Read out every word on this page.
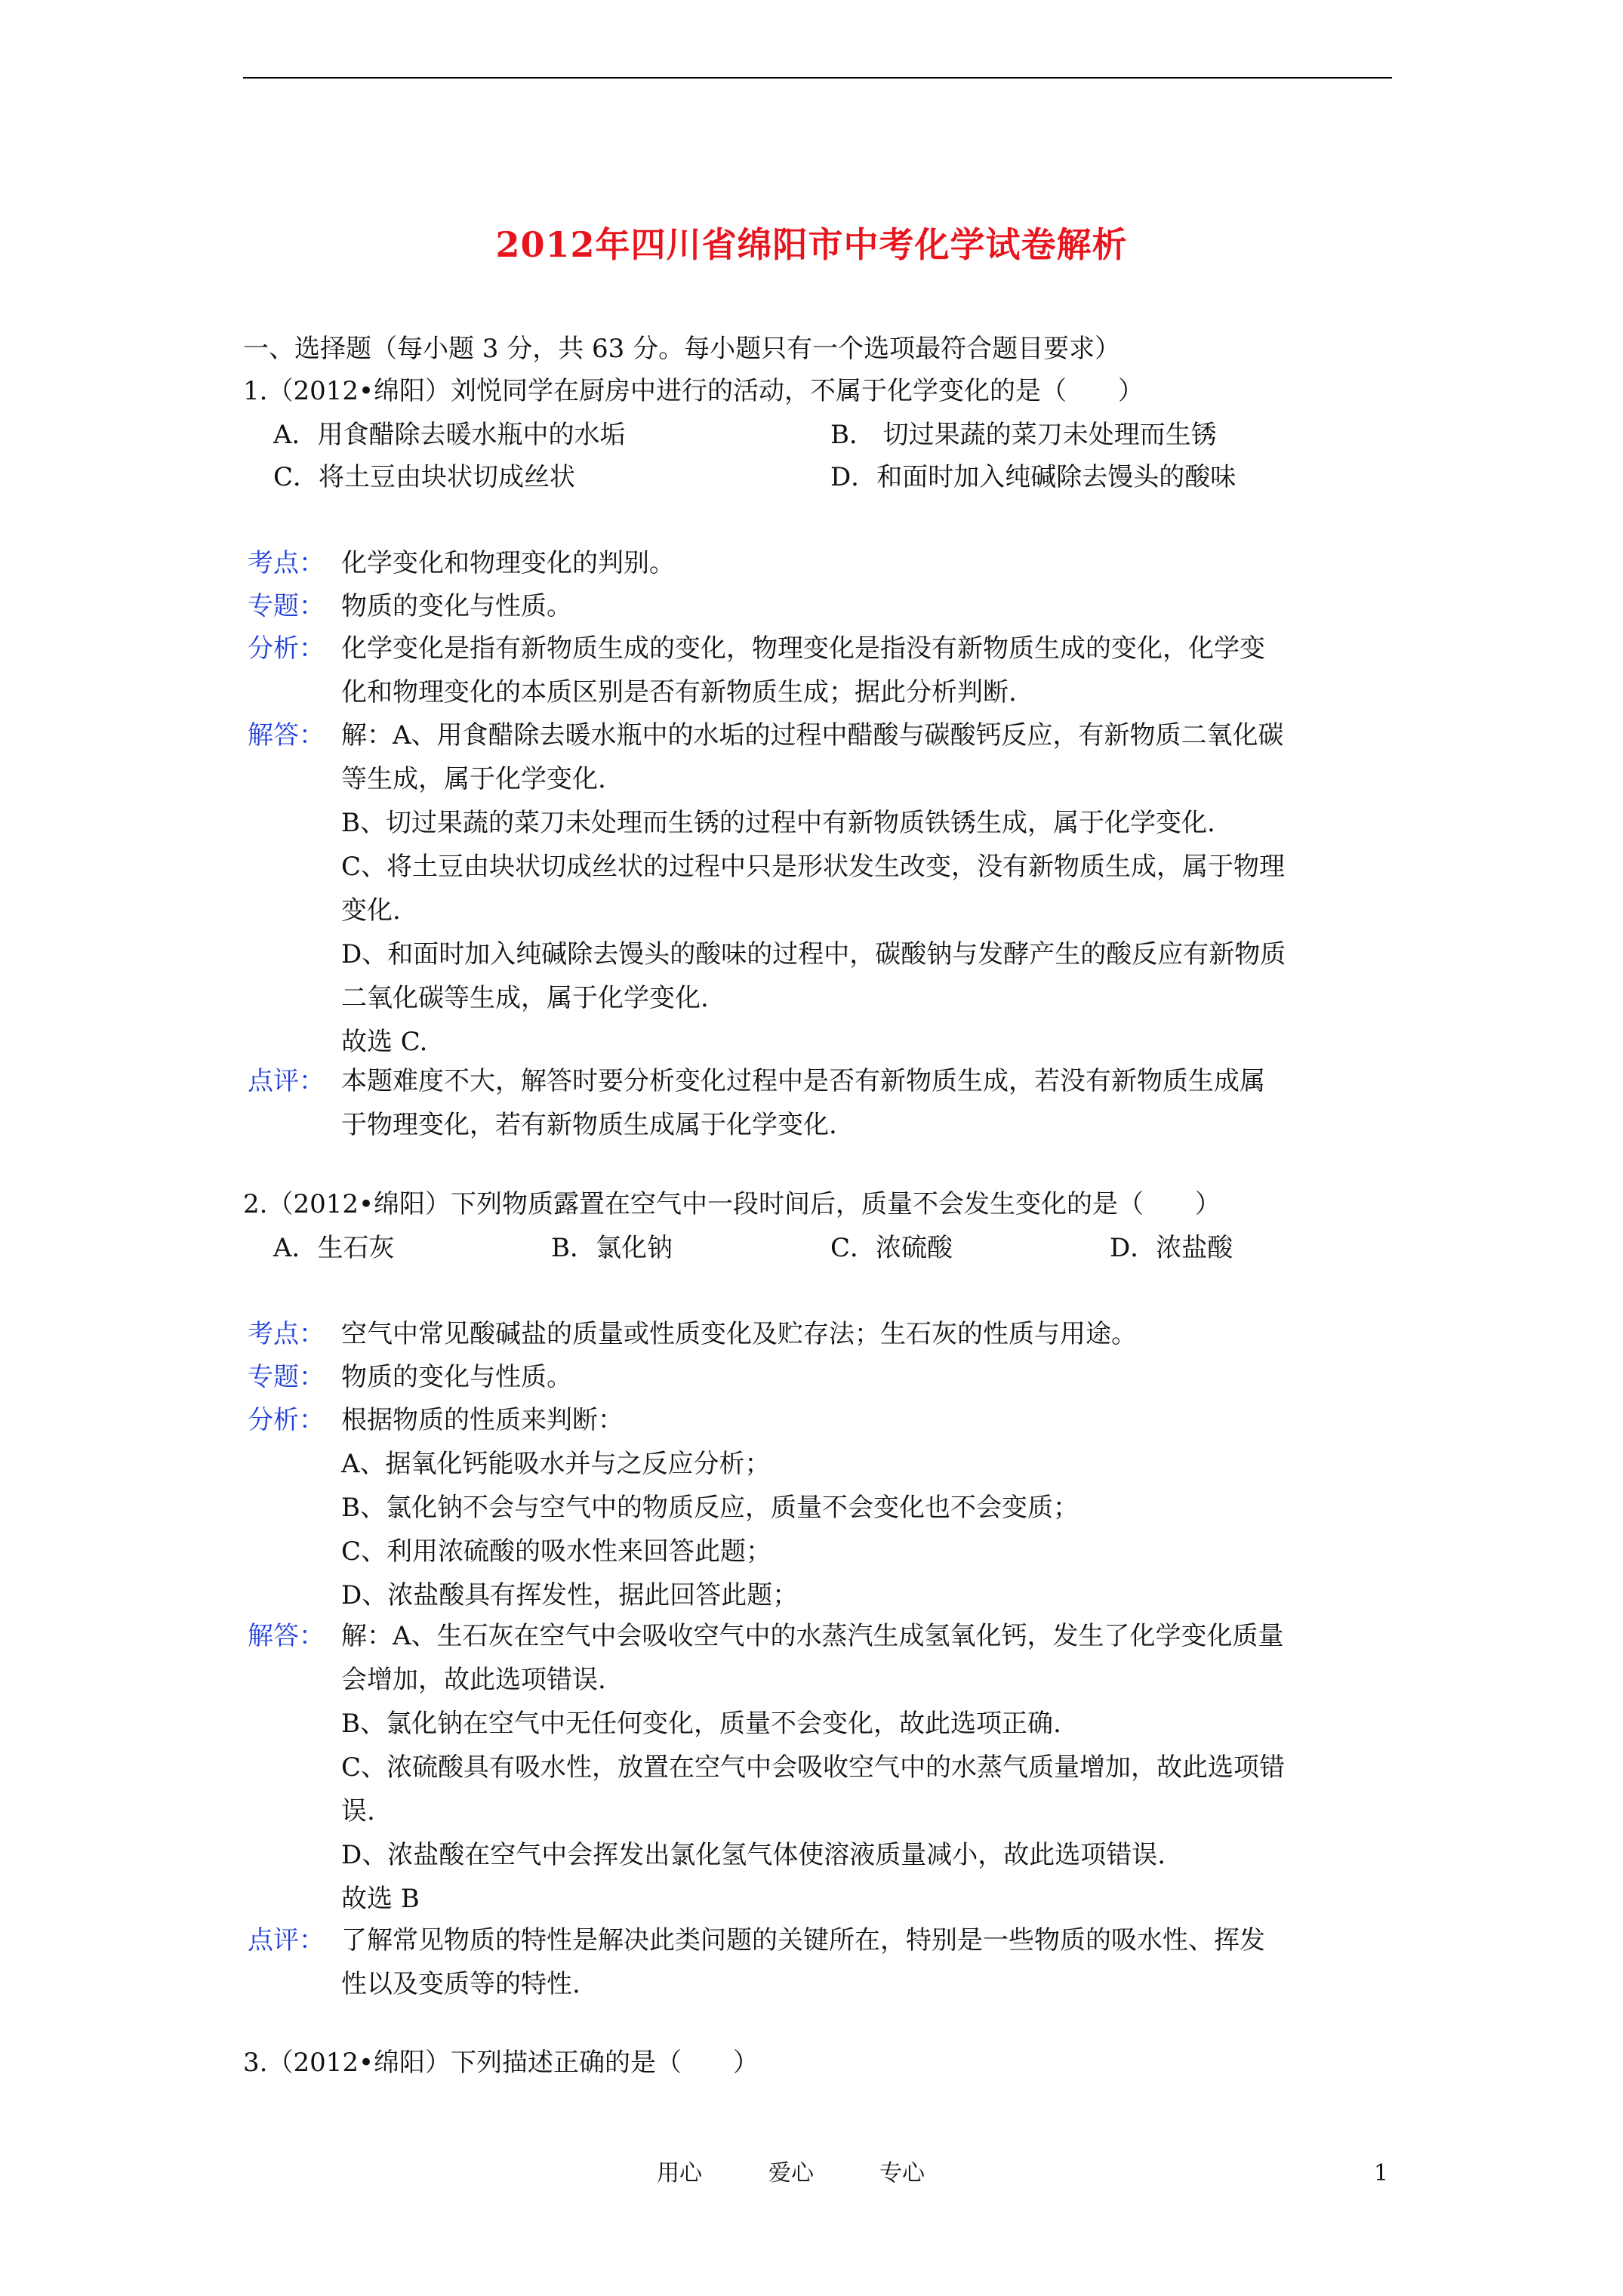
2012年四川省绵阳市中考化学试卷解析
一、选择题（每小题 3 分，共 63 分。每小题只有一个选项最符合题目要求）
1.（2012•绵阳）刘悦同学在厨房中进行的活动，不属于化学变化的是（　　）
A．用食醋除去暖水瓶中的水垢	B． 切过果蔬的菜刀未处理而生锈
C．将土豆由块状切成丝状	D．和面时加入纯碱除去馒头的酸味
考点： 化学变化和物理变化的判别。
专题： 物质的变化与性质。
分析： 化学变化是指有新物质生成的变化，物理变化是指没有新物质生成的变化，化学变
化和物理变化的本质区别是否有新物质生成；据此分析判断.
解答： 解：A、用食醋除去暖水瓶中的水垢的过程中醋酸与碳酸钙反应，有新物质二氧化碳
等生成，属于化学变化.
B、切过果蔬的菜刀未处理而生锈的过程中有新物质铁锈生成，属于化学变化.
C、将土豆由块状切成丝状的过程中只是形状发生改变，没有新物质生成，属于物理
变化.
D、和面时加入纯碱除去馒头的酸味的过程中，碳酸钠与发酵产生的酸反应有新物质
二氧化碳等生成，属于化学变化.
故选 C.
点评： 本题难度不大，解答时要分析变化过程中是否有新物质生成，若没有新物质生成属
于物理变化，若有新物质生成属于化学变化.
2.（2012•绵阳）下列物质露置在空气中一段时间后，质量不会发生变化的是（　　）
A．生石灰	B．氯化钠	C．浓硫酸	D．浓盐酸
考点： 空气中常见酸碱盐的质量或性质变化及贮存法；生石灰的性质与用途。
专题： 物质的变化与性质。
分析： 根据物质的性质来判断：
A、据氧化钙能吸水并与之反应分析；
B、氯化钠不会与空气中的物质反应，质量不会变化也不会变质；
C、利用浓硫酸的吸水性来回答此题；
D、浓盐酸具有挥发性，据此回答此题；
解答： 解：A、生石灰在空气中会吸收空气中的水蒸汽生成氢氧化钙，发生了化学变化质量
会增加，故此选项错误.
B、氯化钠在空气中无任何变化，质量不会变化，故此选项正确.
C、浓硫酸具有吸水性，放置在空气中会吸收空气中的水蒸气质量增加，故此选项错
误.
D、浓盐酸在空气中会挥发出氯化氢气体使溶液质量减小，故此选项错误.
故选 B
点评： 了解常见物质的特性是解决此类问题的关键所在，特别是一些物质的吸水性、挥发
性以及变质等的特性.
3.（2012•绵阳）下列描述正确的是（　　）
用心	爱心	专心	1
